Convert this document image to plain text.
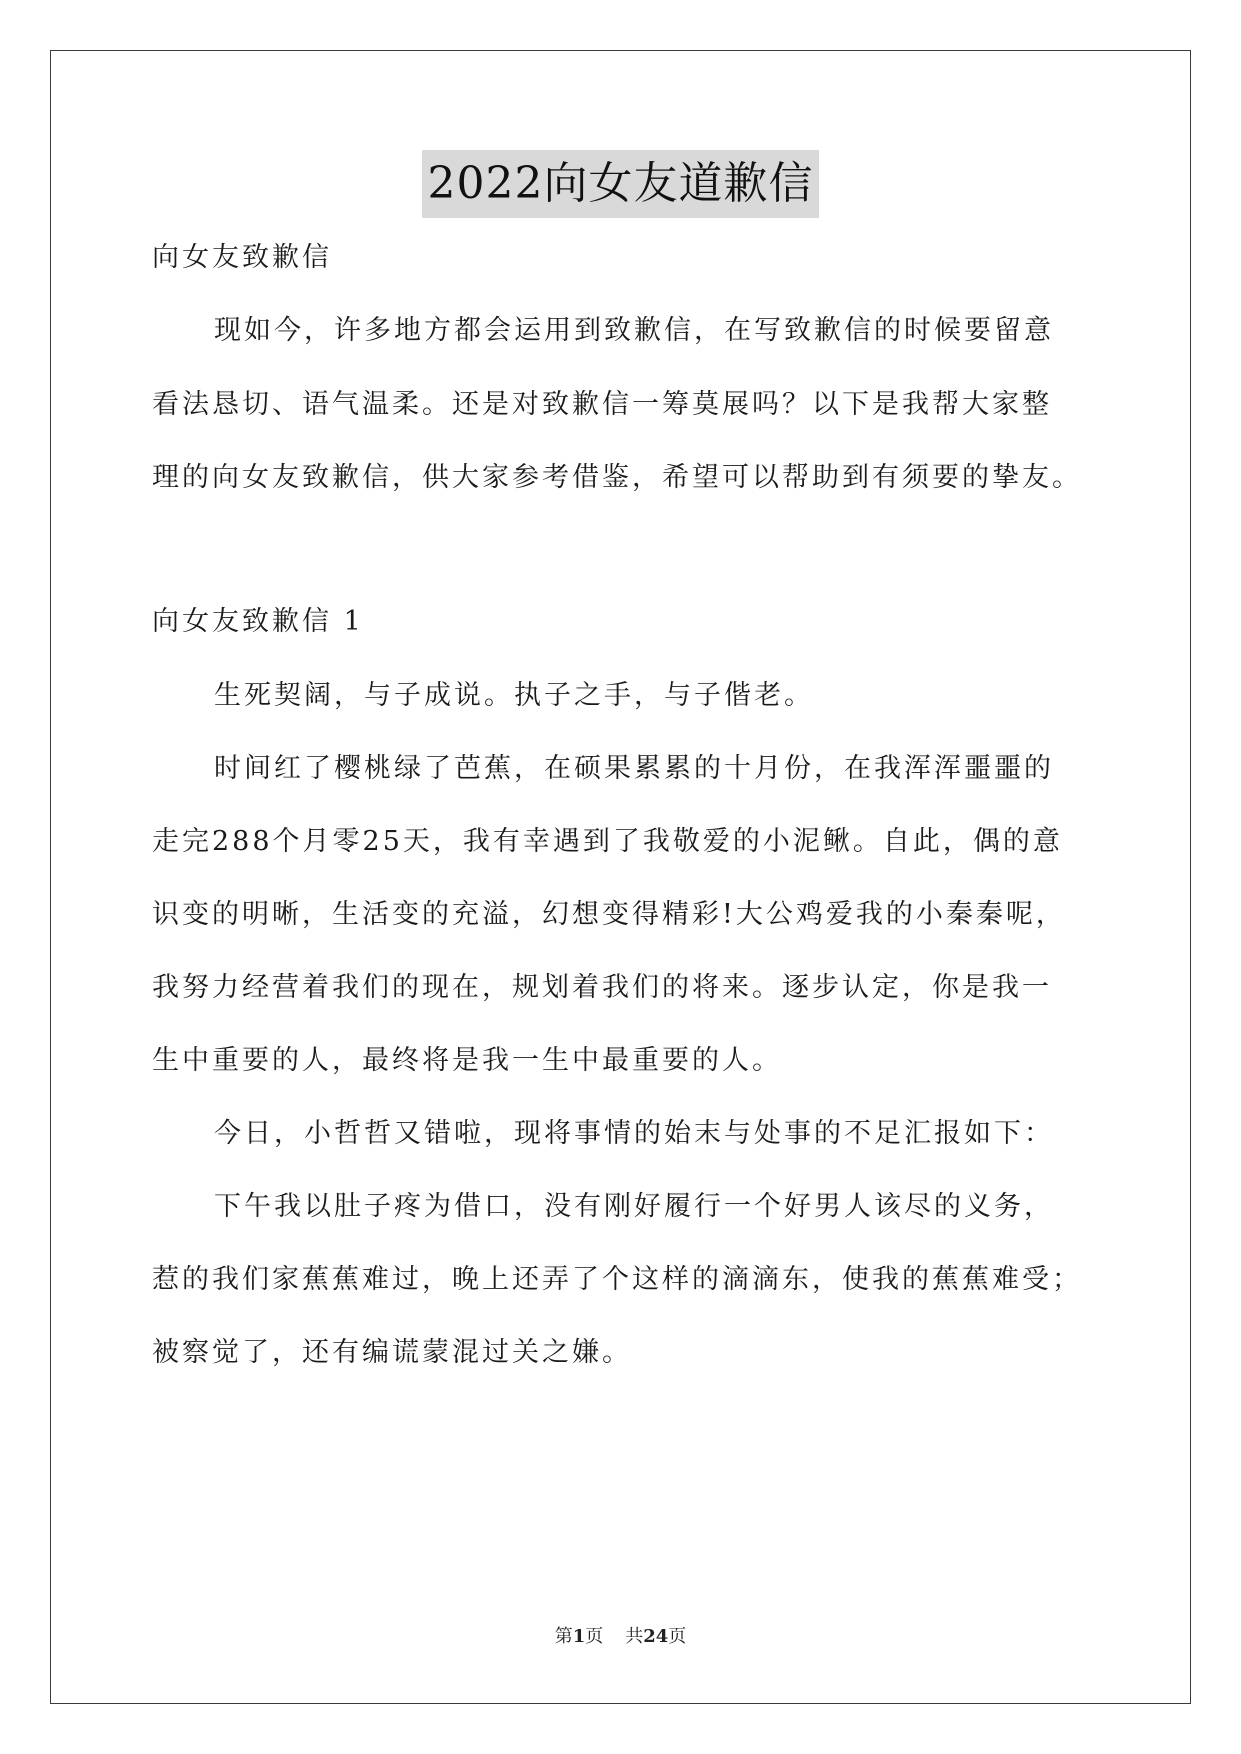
2022向女友道歉信
向女友致歉信
现如今，许多地方都会运用到致歉信，在写致歉信的时候要留意
看法恳切、语气温柔。还是对致歉信一筹莫展吗？以下是我帮大家整
理的向女友致歉信，供大家参考借鉴，希望可以帮助到有须要的挚友。
向女友致歉信 1
生死契阔，与子成说。执子之手，与子偕老。
时间红了樱桃绿了芭蕉，在硕果累累的十月份，在我浑浑噩噩的
走完288个月零25天，我有幸遇到了我敬爱的小泥鳅。自此，偶的意
识变的明晰，生活变的充溢，幻想变得精彩!大公鸡爱我的小秦秦呢，
我努力经营着我们的现在，规划着我们的将来。逐步认定，你是我一
生中重要的人，最终将是我一生中最重要的人。
今日，小哲哲又错啦，现将事情的始末与处事的不足汇报如下：
下午我以肚子疼为借口，没有刚好履行一个好男人该尽的义务，
惹的我们家蕉蕉难过，晚上还弄了个这样的滴滴东，使我的蕉蕉难受；
被察觉了，还有编谎蒙混过关之嫌。
第1页 共24页
